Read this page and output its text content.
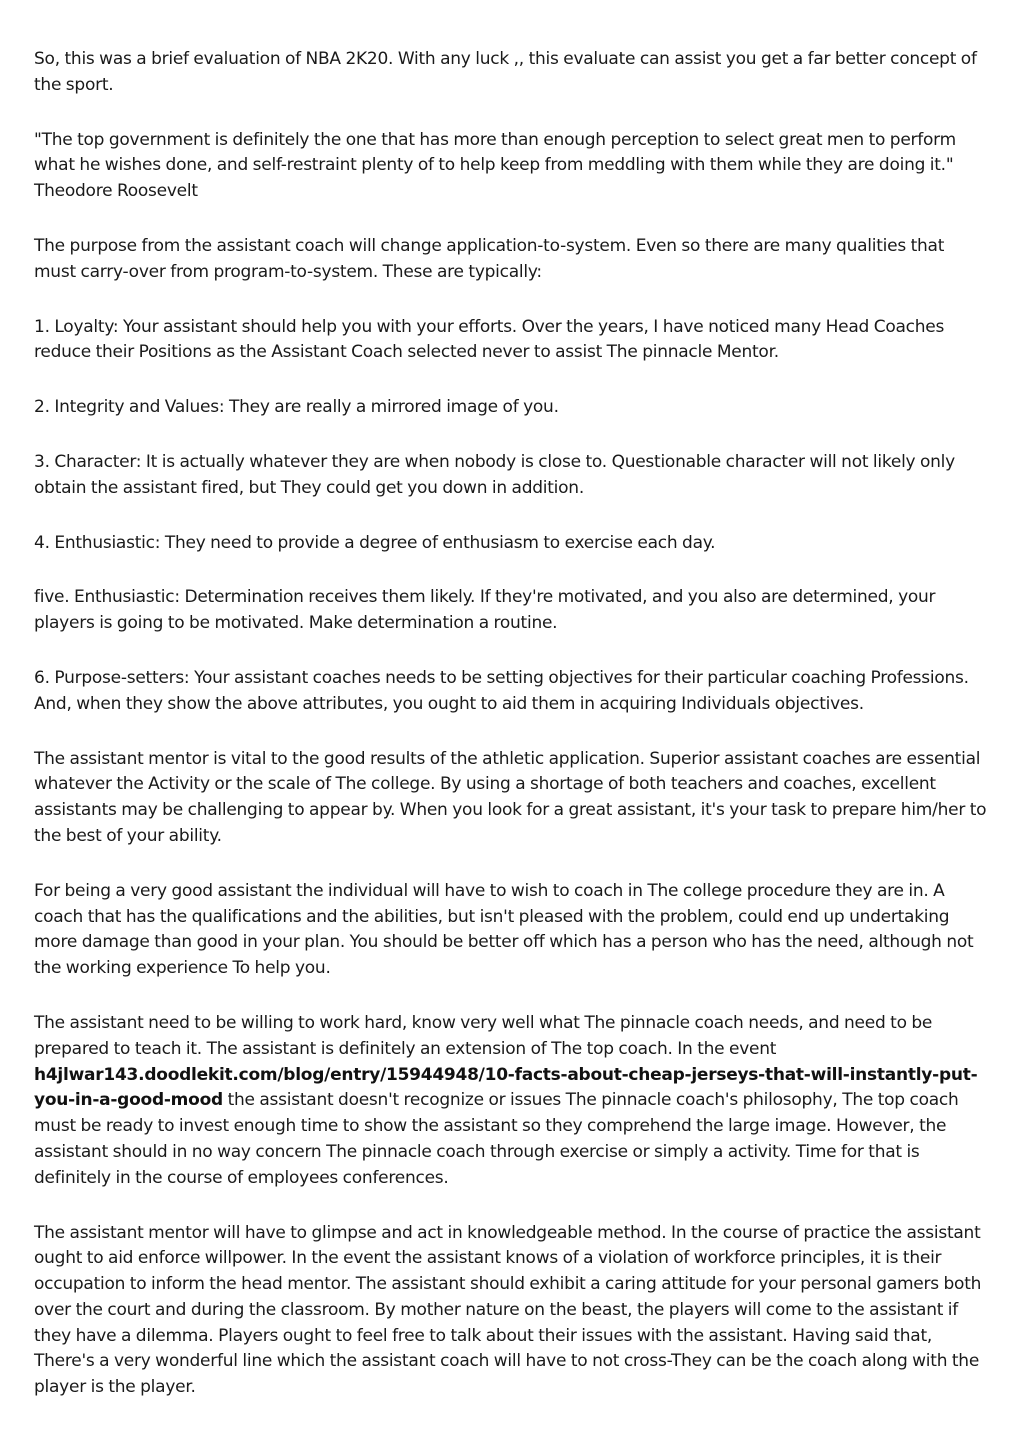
So, this was a brief evaluation of NBA 2K20. With any luck ,, this evaluate can assist you get a far better concept of the sport.

"The top government is definitely the one that has more than enough perception to select great men to perform what he wishes done, and self-restraint plenty of to help keep from meddling with them while they are doing it." Theodore Roosevelt

The purpose from the assistant coach will change application-to-system. Even so there are many qualities that must carry-over from program-to-system. These are typically:

1. Loyalty: Your assistant should help you with your efforts. Over the years, I have noticed many Head Coaches reduce their Positions as the Assistant Coach selected never to assist The pinnacle Mentor.

2. Integrity and Values: They are really a mirrored image of you.

3. Character: It is actually whatever they are when nobody is close to. Questionable character will not likely only obtain the assistant fired, but They could get you down in addition.

4. Enthusiastic: They need to provide a degree of enthusiasm to exercise each day.

five. Enthusiastic: Determination receives them likely. If they're motivated, and you also are determined, your players is going to be motivated. Make determination a routine.

6. Purpose-setters: Your assistant coaches needs to be setting objectives for their particular coaching Professions. And, when they show the above attributes, you ought to aid them in acquiring Individuals objectives.

The assistant mentor is vital to the good results of the athletic application. Superior assistant coaches are essential whatever the Activity or the scale of The college. By using a shortage of both teachers and coaches, excellent assistants may be challenging to appear by. When you look for a great assistant, it's your task to prepare him/her to the best of your ability.

For being a very good assistant the individual will have to wish to coach in The college procedure they are in. A coach that has the qualifications and the abilities, but isn't pleased with the problem, could end up undertaking more damage than good in your plan. You should be better off which has a person who has the need, although not the working experience To help you.

The assistant need to be willing to work hard, know very well what The pinnacle coach needs, and need to be prepared to teach it. The assistant is definitely an extension of The top coach. In the event h4jlwar143.doodlekit.com/blog/entry/15944948/10-facts-about-cheap-jerseys-that-will-instantly-put-you-in-a-good-mood the assistant doesn't recognize or issues The pinnacle coach's philosophy, The top coach must be ready to invest enough time to show the assistant so they comprehend the large image. However, the assistant should in no way concern The pinnacle coach through exercise or simply a activity. Time for that is definitely in the course of employees conferences.

The assistant mentor will have to glimpse and act in knowledgeable method. In the course of practice the assistant ought to aid enforce willpower. In the event the assistant knows of a violation of workforce principles, it is their occupation to inform the head mentor. The assistant should exhibit a caring attitude for your personal gamers both over the court and during the classroom. By mother nature on the beast, the players will come to the assistant if they have a dilemma. Players ought to feel free to talk about their issues with the assistant. Having said that, There's a very wonderful line which the assistant coach will have to not cross-They can be the coach along with the player is the player.
